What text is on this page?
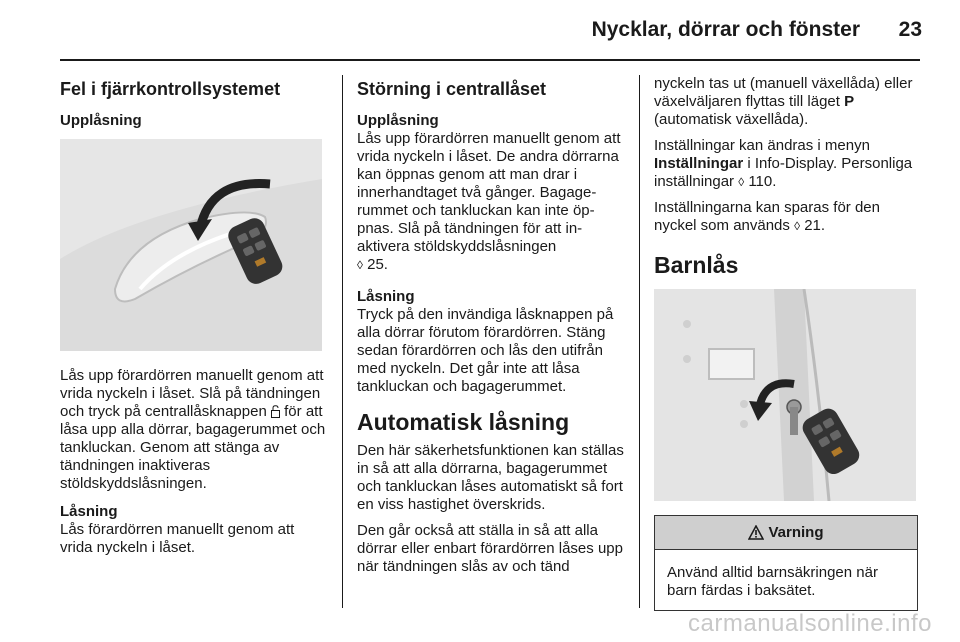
Nycklar, dörrar och fönster 23
Fel i fjärrkontrollsystemet
Upplåsning

Lås upp förardörren manuellt genom att vrida nyckeln i låset. Slå på tändningen och tryck på centrallåsknappen för att låsa upp alla dörrar, bagagerummet och tankluckan. Genom att stänga av tändningen inaktiveras stöldskyddslåsningen.

Låsning

Lås förardörren manuellt genom att vrida nyckeln i låset.

Störning i centrallåset
Upplåsning

Lås upp förardörren manuellt genom att vrida nyckeln i låset. De andra dörrarna kan öppnas genom att man drar i innerhandtaget två gånger. Bagagerummet och tankluckan kan inte öppnas. Slå på tändningen för att inaktivera stöldskyddslåsningen
◊ 25.

Låsning

Tryck på den invändiga låsknappen på alla dörrar förutom förardörren. Stäng sedan förardörren och lås den utifrån med nyckeln. Det går inte att låsa tankluckan och bagagerummet.

Automatisk låsning

Den här säkerhetsfunktionen kan ställas in så att alla dörrarna, bagagerummet och tankluckan låses automatiskt så fort en viss hastighet överskrids.

Den går också att ställa in så att alla dörrar eller enbart förardörren låses upp när tändningen slås av och tänd

nyckeln tas ut (manuell växellåda) eller växelväljaren flyttas till läget P (automatisk växellåda).

Inställningar kan ändras i menyn Inställningar i Info-Display. Personliga inställningar ◊ 110.

Inställningarna kan sparas för den nyckel som används ◊ 21.

Barnlås
Varning
Använd alltid barnsäkringen när barn färdas i baksätet.
carmanualsonline.info
